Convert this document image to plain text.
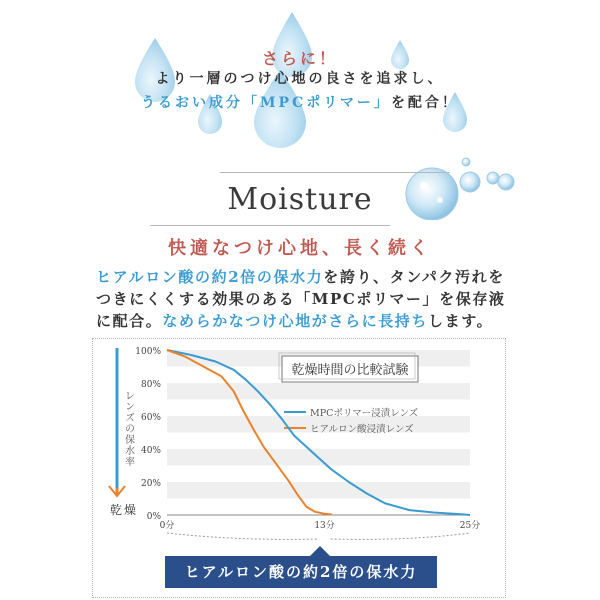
さらに！
より一層のつけ心地の良さを追求し、
うるおい成分「MPCポリマー」を配合！
Moisture
快適なつけ心地、長く続く
ヒアルロン酸の約2倍の保水力を誇り、タンパク汚れを
つきにくくする効果のある「MPCポリマー」を保存液
に配合。なめらかなつけ心地がさらに長持ちします。
100%
80%
60%
40%
20%
0%
0分	13分	25分
レンズの保水率
乾燥
乾燥時間の比較試験
MPCポリマー浸漬レンズ
ヒアルロン酸浸漬レンズ
ヒアルロン酸の約2倍の保水力
